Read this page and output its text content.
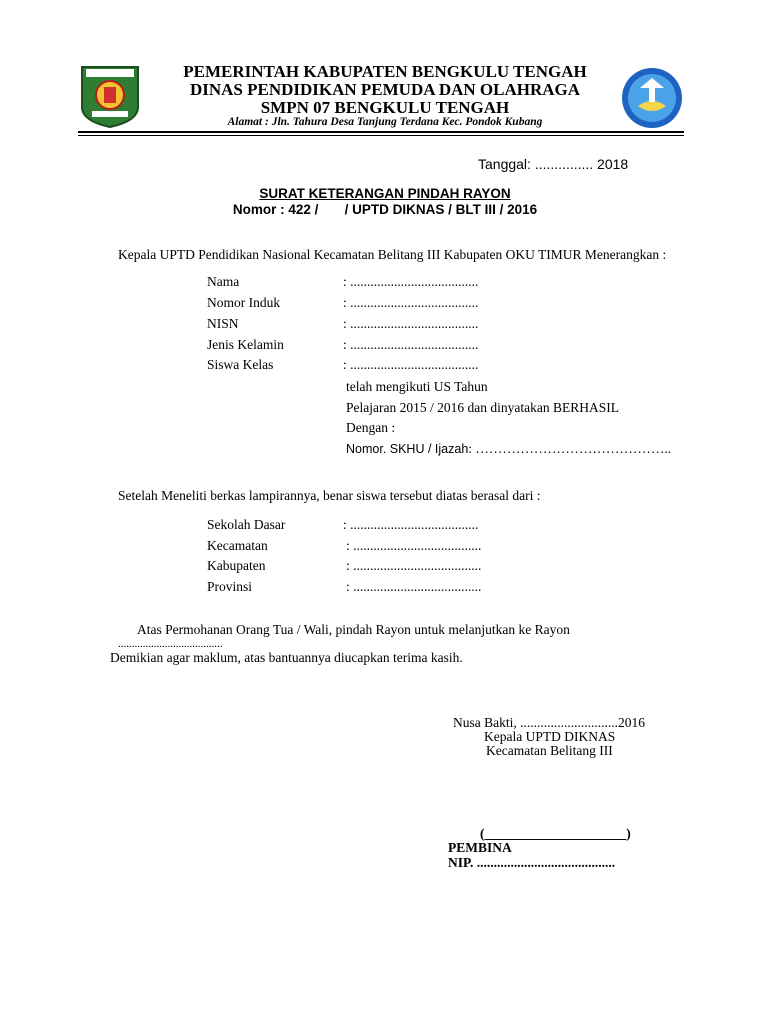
PEMERINTAH KABUPATEN BENGKULU TENGAH
DINAS PENDIDIKAN PEMUDA DAN OLAHRAGA
SMPN 07 BENGKULU TENGAH
Alamat : Jln. Tahura Desa Tanjung Terdana Kec. Pondok Kubang
Tanggal: ............... 2018
SURAT KETERANGAN PINDAH RAYON
Nomor : 422 /       / UPTD DIKNAS / BLT III / 2016
Kepala UPTD Pendidikan Nasional Kecamatan Belitang III Kabupaten OKU TIMUR Menerangkan :
Nama	: ......................................
Nomor Induk	: ......................................
NISN	: ......................................
Jenis Kelamin	: ......................................
Siswa Kelas	: ......................................
telah mengikuti US Tahun
Pelajaran 2015 / 2016 dan dinyatakan BERHASIL
Dengan :
Nomor. SKHU / Ijazah: ……………………………………..
Setelah Meneliti berkas lampirannya, benar siswa tersebut diatas berasal dari :
Sekolah Dasar	: ......................................
Kecamatan	: ......................................
Kabupaten	: ......................................
Provinsi	: ......................................
Atas Permohanan Orang Tua / Wali, pindah Rayon untuk melanjutkan ke Rayon
......................................
Demikian agar maklum, atas bantuannya diucapkan terima kasih.
Nusa Bakti, .............................2016
Kepala UPTD DIKNAS
Kecamatan Belitang III
(_____________________)
PEMBINA
NIP. .........................................
